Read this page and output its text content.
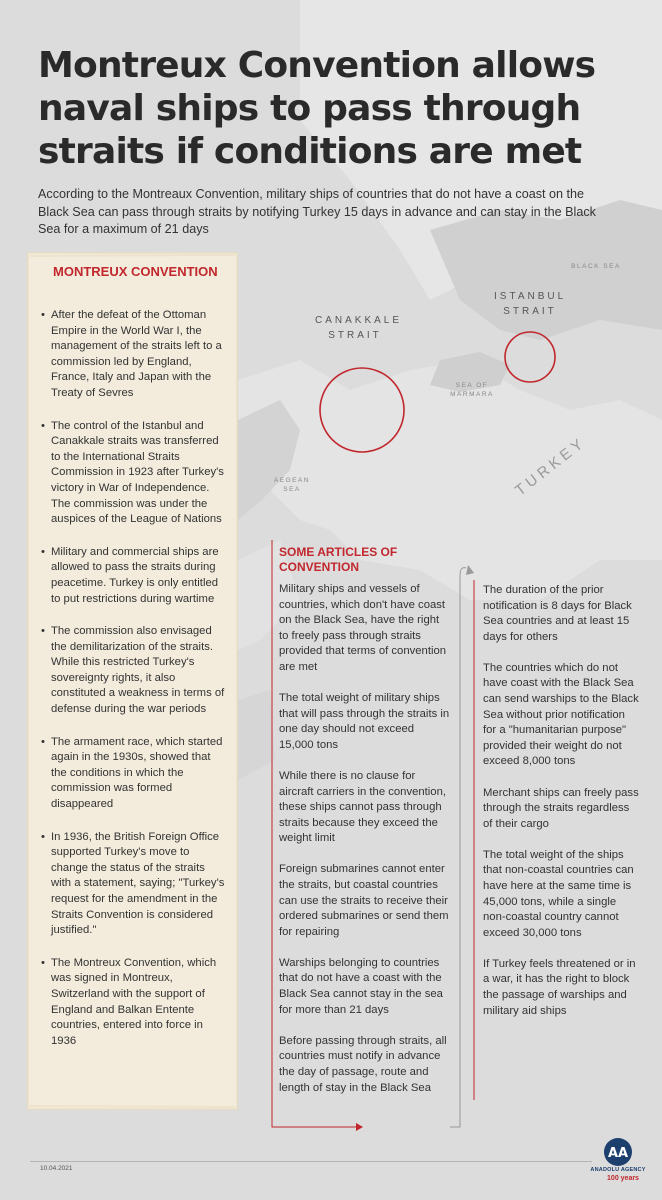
Montreux Convention allows naval ships to pass through straits if conditions are met

According to the Montreaux Convention, military ships of countries that do not have a coast on the Black Sea can pass through straits by notifying Turkey 15 days in advance and can stay in the Black Sea for a maximum of 21 days

MONTREUX CONVENTION
• After the defeat of the Ottoman Empire in the World War I, the management of the straits left to a commission led by England, France, Italy and Japan with the Treaty of Sevres
• The control of the Istanbul and Canakkale straits was transferred to the International Straits Commission in 1923 after Turkey's victory in War of Independence. The commission was under the auspices of the League of Nations
• Military and commercial ships are allowed to pass the straits during peacetime. Turkey is only entitled to put restrictions during wartime
• The commission also envisaged the demilitarization of the straits. While this restricted Turkey's sovereignty rights, it also constituted a weakness in terms of defense during the war periods
• The armament race, which started again in the 1930s, showed that the conditions in which the commission was formed disappeared
• In 1936, the British Foreign Office supported Turkey's move to change the status of the straits with a statement, saying; "Turkey's request for the amendment in the Straits Convention is considered justified."
• The Montreux Convention, which was signed in Montreux, Switzerland with the support of England and Balkan Entente countries, entered into force in 1936
BLACK SEA
ISTANBUL STRAIT
CANAKKALE STRAIT
SEA OF MARMARA
AEGEAN SEA	TURKEY
SOME ARTICLES OF CONVENTION

Military ships and vessels of countries, which don't have coast on the Black Sea, have the right to freely pass through straits provided that terms of convention are met

The total weight of military ships that will pass through the straits in one day should not exceed 15,000 tons

While there is no clause for aircraft carriers in the convention, these ships cannot pass through straits because they exceed the weight limit

Foreign submarines cannot enter the straits, but coastal countries can use the straits to receive their ordered submarines or send them for repairing

Warships belonging to countries that do not have a coast with the Black Sea cannot stay in the sea for more than 21 days

Before passing through straits, all countries must notify in advance the day of passage, route and length of stay in the Black Sea

The duration of the prior notification is 8 days for Black Sea countries and at least 15 days for others

The countries which do not have coast with the Black Sea can send warships to the Black Sea without prior notification for a "humanitarian purpose" provided their weight do not exceed 8,000 tons

Merchant ships can freely pass through the straits regardless of their cargo

The total weight of the ships that non-coastal countries can have here at the same time is 45,000 tons, while a single non-coastal country cannot exceed 30,000 tons

If Turkey feels threatened or in a war, it has the right to block the passage of warships and military aid ships

10.04.2021
AA
ANADOLU AGENCY
100 years
